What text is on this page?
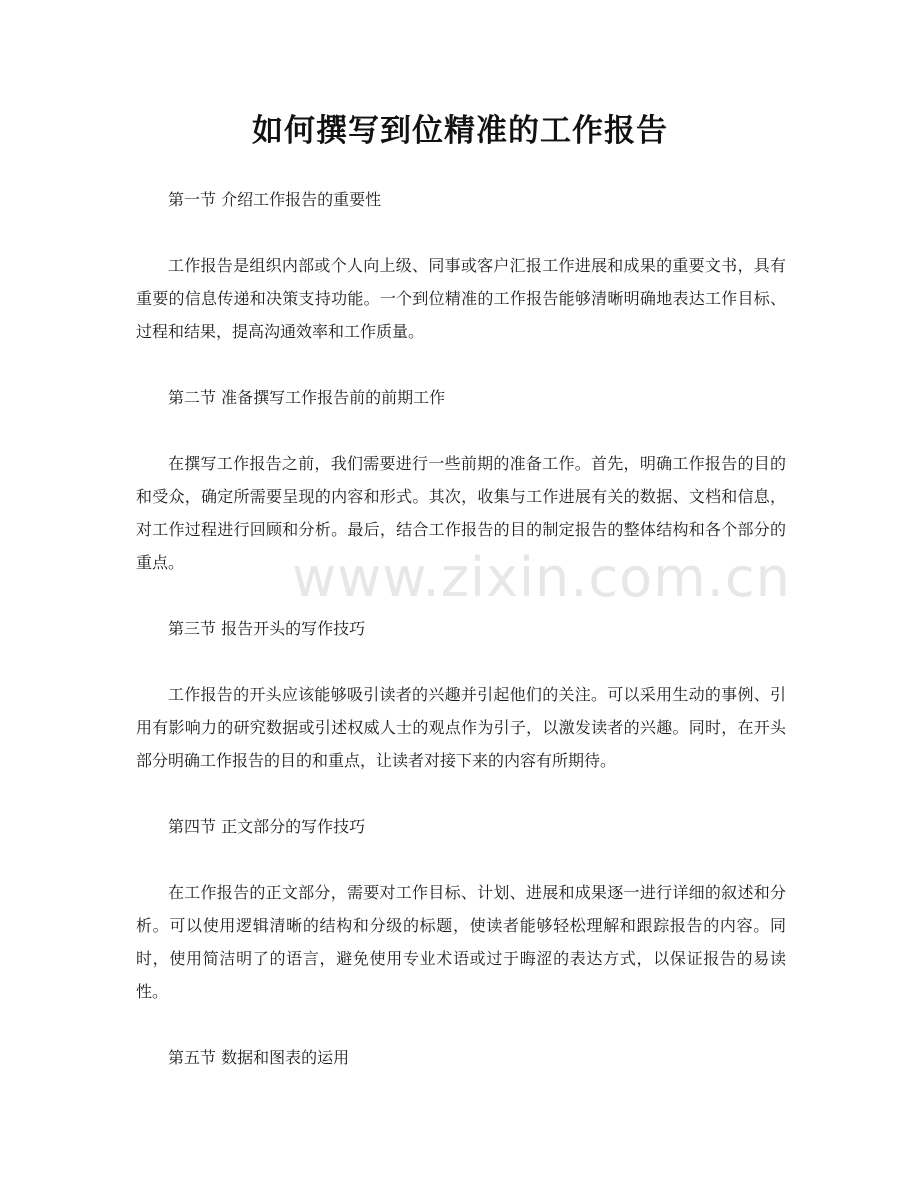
如何撰写到位精准的工作报告

第一节 介绍工作报告的重要性

工作报告是组织内部或个人向上级、同事或客户汇报工作进展和成果的重要文书，具有重要的信息传递和决策支持功能。一个到位精准的工作报告能够清晰明确地表达工作目标、过程和结果，提高沟通效率和工作质量。

第二节 准备撰写工作报告前的前期工作

在撰写工作报告之前，我们需要进行一些前期的准备工作。首先，明确工作报告的目的和受众，确定所需要呈现的内容和形式。其次，收集与工作进展有关的数据、文档和信息，对工作过程进行回顾和分析。最后，结合工作报告的目的制定报告的整体结构和各个部分的重点。

第三节 报告开头的写作技巧

工作报告的开头应该能够吸引读者的兴趣并引起他们的关注。可以采用生动的事例、引用有影响力的研究数据或引述权威人士的观点作为引子，以激发读者的兴趣。同时，在开头部分明确工作报告的目的和重点，让读者对接下来的内容有所期待。

第四节 正文部分的写作技巧

在工作报告的正文部分，需要对工作目标、计划、进展和成果逐一进行详细的叙述和分析。可以使用逻辑清晰的结构和分级的标题，使读者能够轻松理解和跟踪报告的内容。同时，使用简洁明了的语言，避免使用专业术语或过于晦涩的表达方式，以保证报告的易读性。

第五节 数据和图表的运用

www.zixin.com.cn
